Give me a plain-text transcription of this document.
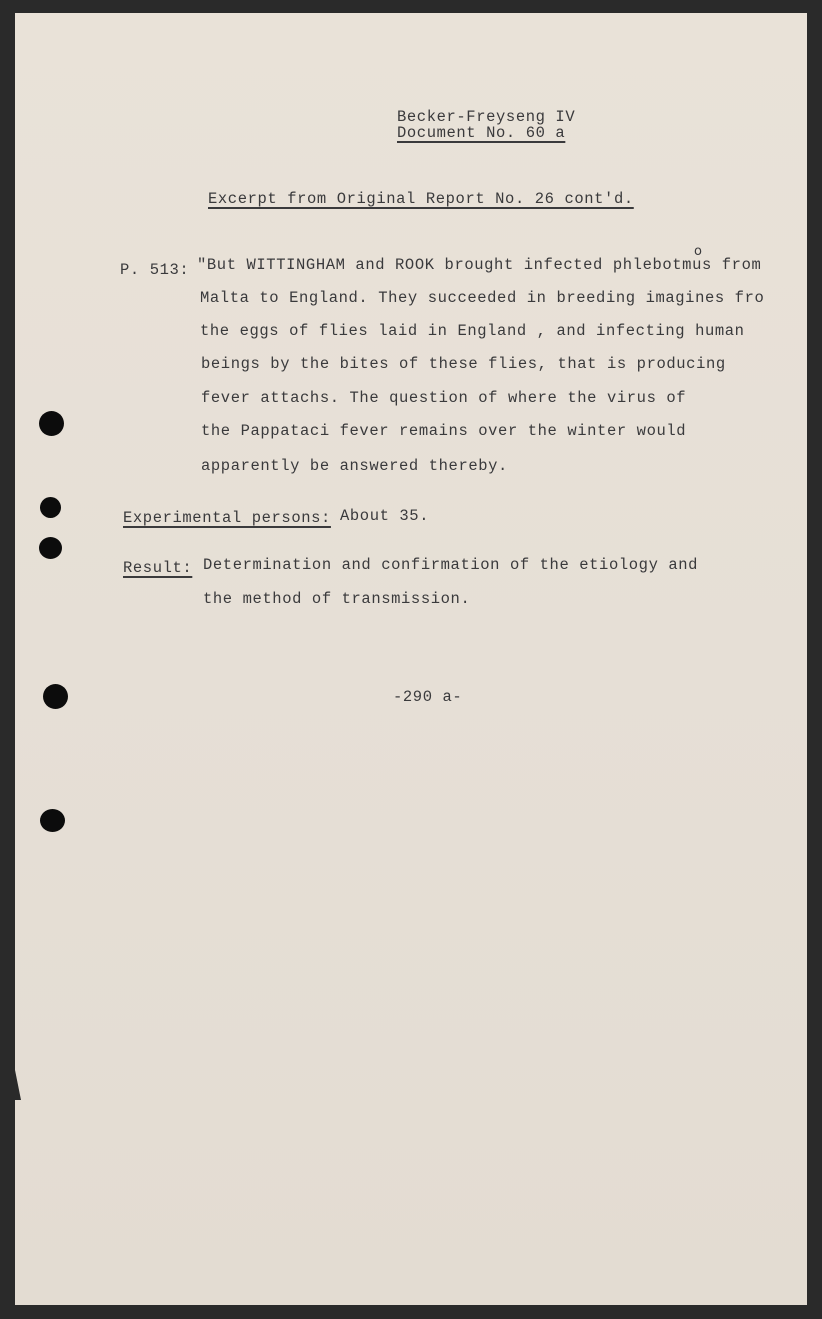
Becker-Freyseng IV
Document No. 60 a
Excerpt from Original Report No. 26 cont'd.
P. 513:
o
"But WITTINGHAM and ROOK brought infected phlebotmus from
Malta to England. They succeeded in breeding imagines fro
the eggs of flies laid in England , and infecting human
beings by the bites of these flies, that is producing
fever attachs. The question of where the virus of
the Pappataci fever remains over the winter would
apparently be answered thereby.
Experimental persons: About 35.
Result: Determination and confirmation of the etiology and
the method of transmission.
-290 a-
